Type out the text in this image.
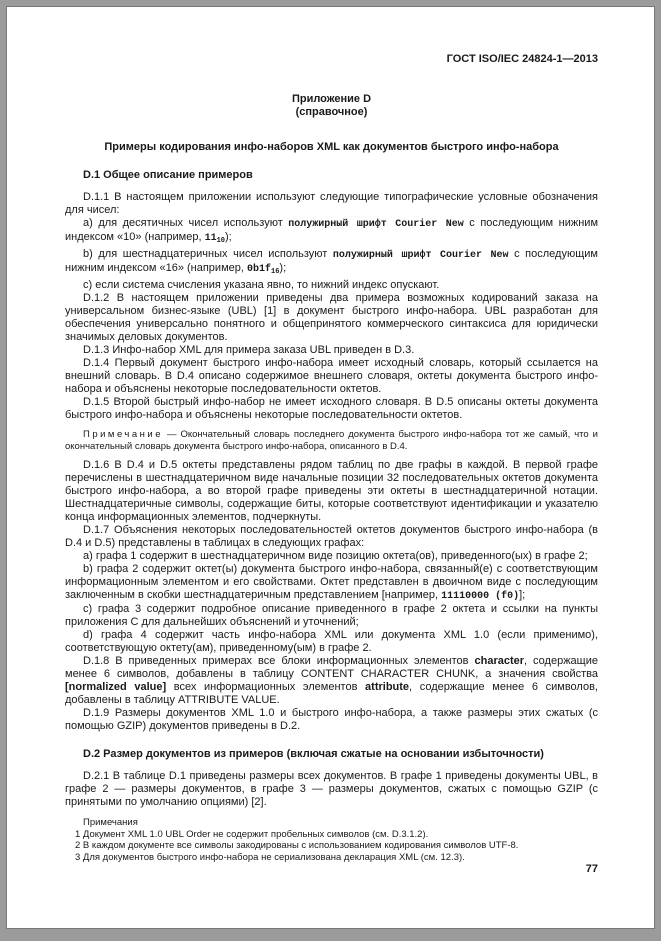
ГОСТ ISO/IEC 24824-1—2013
Приложение D
(справочное)
Примеры кодирования инфо-наборов XML как документов быстрого инфо-набора
D.1 Общее описание примеров
D.1.1 В настоящем приложении используют следующие типографические условные обозначения для чисел:
a) для десятичных чисел используют полужирный шрифт Courier New с последующим нижним индексом «10» (например, 1110);
b) для шестнадцатеричных чисел используют полужирный шрифт Courier New с последующим нижним индексом «16» (например, 0b1f16);
c) если система счисления указана явно, то нижний индекс опускают.
D.1.2 В настоящем приложении приведены два примера возможных кодирований заказа на универсальном бизнес-языке (UBL) [1] в документ быстрого инфо-набора. UBL разработан для обеспечения универсально понятного и общепринятого коммерческого синтаксиса для юридически значимых деловых документов.
D.1.3 Инфо-набор XML для примера заказа UBL приведен в D.3.
D.1.4 Первый документ быстрого инфо-набора имеет исходный словарь, который ссылается на внешний словарь. В D.4 описано содержимое внешнего словаря, октеты документа быстрого инфо-набора и объяснены некоторые последовательности октетов.
D.1.5 Второй быстрый инфо-набор не имеет исходного словаря. В D.5 описаны октеты документа быстрого инфо-набора и объяснены некоторые последовательности октетов.
Примечание — Окончательный словарь последнего документа быстрого инфо-набора тот же самый, что и окончательный словарь документа быстрого инфо-набора, описанного в D.4.
D.1.6 В D.4 и D.5 октеты представлены рядом таблиц по две графы в каждой. В первой графе перечислены в шестнадцатеричном виде начальные позиции 32 последовательных октетов документа быстрого инфо-набора, а во второй графе приведены эти октеты в шестнадцатеричной нотации. Шестнадцатеричные символы, содержащие биты, которые соответствуют идентификации и указателю конца информационных элементов, подчеркнуты.
D.1.7 Объяснения некоторых последовательностей октетов документов быстрого инфо-набора (в D.4 и D.5) представлены в таблицах в следующих графах:
a) графа 1 содержит в шестнадцатеричном виде позицию октета(ов), приведенного(ых) в графе 2;
b) графа 2 содержит октет(ы) документа быстрого инфо-набора, связанный(е) с соответствующим информационным элементом и его свойствами. Октет представлен в двоичном виде с последующим заключенным в скобки шестнадцатеричным представлением [например, 11110000 (f0)];
c) графа 3 содержит подробное описание приведенного в графе 2 октета и ссылки на пункты приложения C для дальнейших объяснений и уточнений;
d) графа 4 содержит часть инфо-набора XML или документа XML 1.0 (если применимо), соответствующую октету(ам), приведенному(ым) в графе 2.
D.1.8 В приведенных примерах все блоки информационных элементов character, содержащие менее 6 символов, добавлены в таблицу CONTENT CHARACTER CHUNK, а значения свойства [normalized value] всех информационных элементов attribute, содержащие менее 6 символов, добавлены в таблицу ATTRIBUTE VALUE.
D.1.9 Размеры документов XML 1.0 и быстрого инфо-набора, а также размеры этих сжатых (с помощью GZIP) документов приведены в D.2.
D.2 Размер документов из примеров (включая сжатые на основании избыточности)
D.2.1 В таблице D.1 приведены размеры всех документов. В графе 1 приведены документы UBL, в графе 2 — размеры документов, в графе 3 — размеры документов, сжатых с помощью GZIP (с принятыми по умолчанию опциями) [2].
Примечания
1 Документ XML 1.0 UBL Order не содержит пробельных символов (см. D.3.1.2).
2 В каждом документе все символы закодированы с использованием кодирования символов UTF-8.
3 Для документов быстрого инфо-набора не сериализована декларация XML (см. 12.3).
77
